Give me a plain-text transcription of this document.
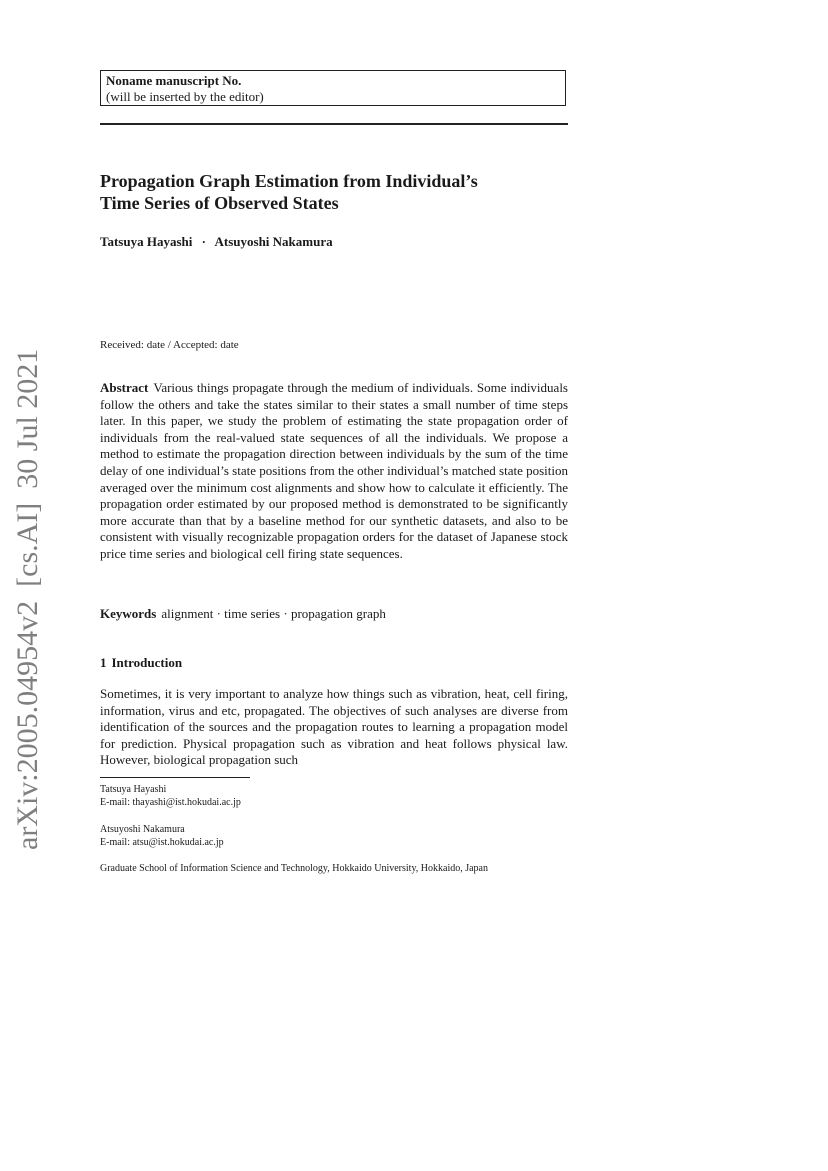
Noname manuscript No.
(will be inserted by the editor)
Propagation Graph Estimation from Individual’s
Time Series of Observed States
Tatsuya Hayashi · Atsuyoshi Nakamura
Received: date / Accepted: date

Abstract Various things propagate through the medium of individuals. Some individuals follow the others and take the states similar to their states a small number of time steps later. In this paper, we study the problem of estimating the state propagation order of individuals from the real-valued state sequences of all the individuals. We propose a method to estimate the propagation direction between individuals by the sum of the time delay of one individual’s state positions from the other individual’s matched state position averaged over the minimum cost alignments and show how to calculate it efficiently. The propagation order estimated by our proposed method is demonstrated to be significantly more accurate than that by a baseline method for our synthetic datasets, and also to be consistent with visually recognizable propagation orders for the dataset of Japanese stock price time series and biological cell firing state sequences.

Keywords alignment · time series · propagation graph
1 Introduction

Sometimes, it is very important to analyze how things such as vibration, heat, cell firing, information, virus and etc, propagated. The objectives of such analyses are diverse from identification of the sources and the propagation routes to learning a propagation model for prediction. Physical propagation such as vibration and heat follows physical law. However, biological propagation such

Tatsuya Hayashi
E-mail: thayashi@ist.hokudai.ac.jp
Atsuyoshi Nakamura
E-mail: atsu@ist.hokudai.ac.jp
Graduate School of Information Science and Technology, Hokkaido University, Hokkaido, Japan
arXiv:2005.04954v2[cs.AI]30 Jul 2021
